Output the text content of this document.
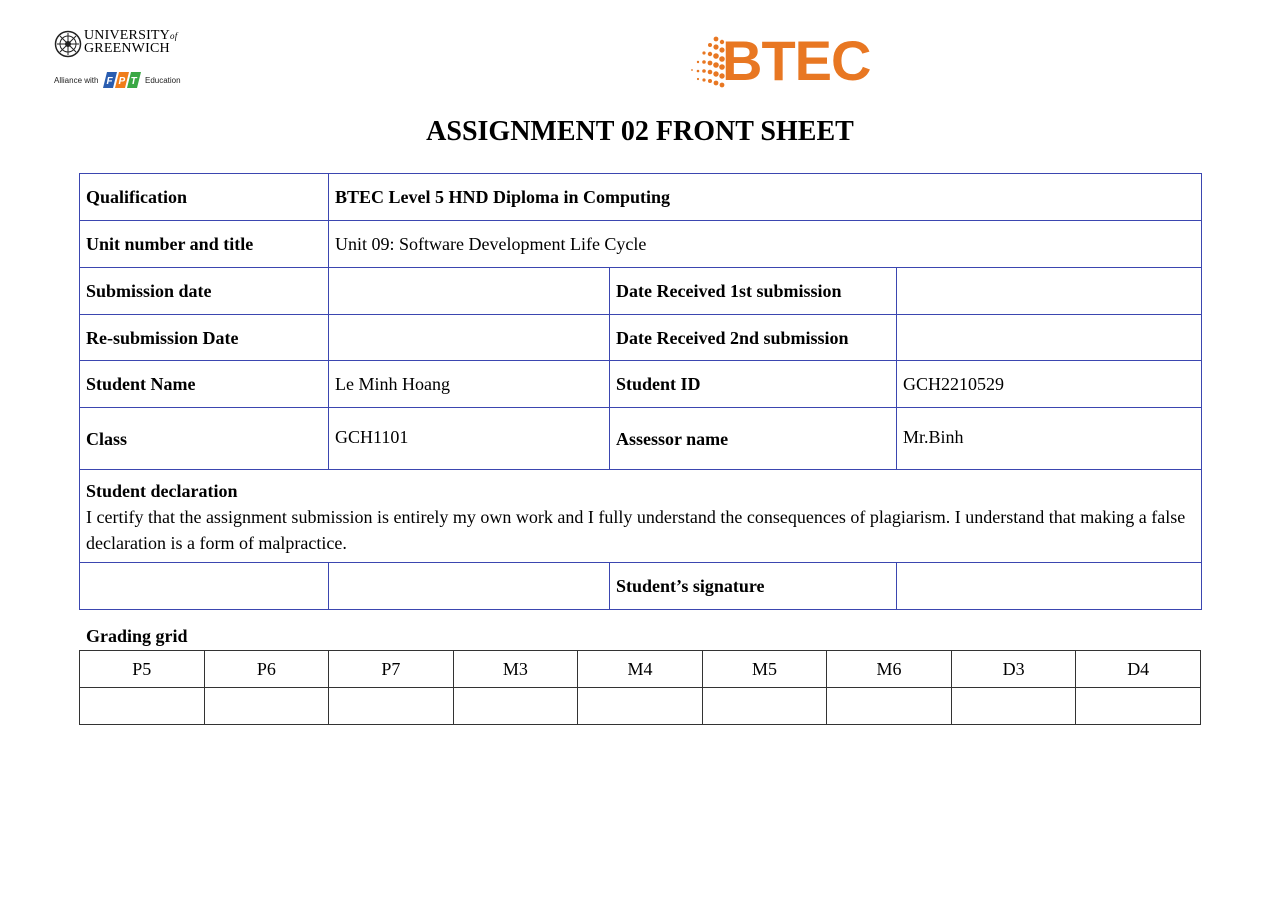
UNIVERSITYof
GREENWICH
Alliance with F P T Education	BTEC
ASSIGNMENT 02 FRONT SHEET
Qualification	BTEC Level 5 HND Diploma in Computing		
Unit number and title	Unit 09: Software Development Life Cycle		
Submission date		Date Received 1st submission	
Re-submission Date		Date Received 2nd submission	
Student Name	Le Minh Hoang	Student ID	GCH2210529
Class	GCH1101	Assessor name	Mr.Binh

Student declaration
I certify that the assignment submission is entirely my own work and I fully understand the consequences of plagiarism. I understand that making a false declaration is a form of malpractice.			

		Student’s signature	
Grading grid
P5	P6	P7	M3	M4	M5	M6	D3	D4
